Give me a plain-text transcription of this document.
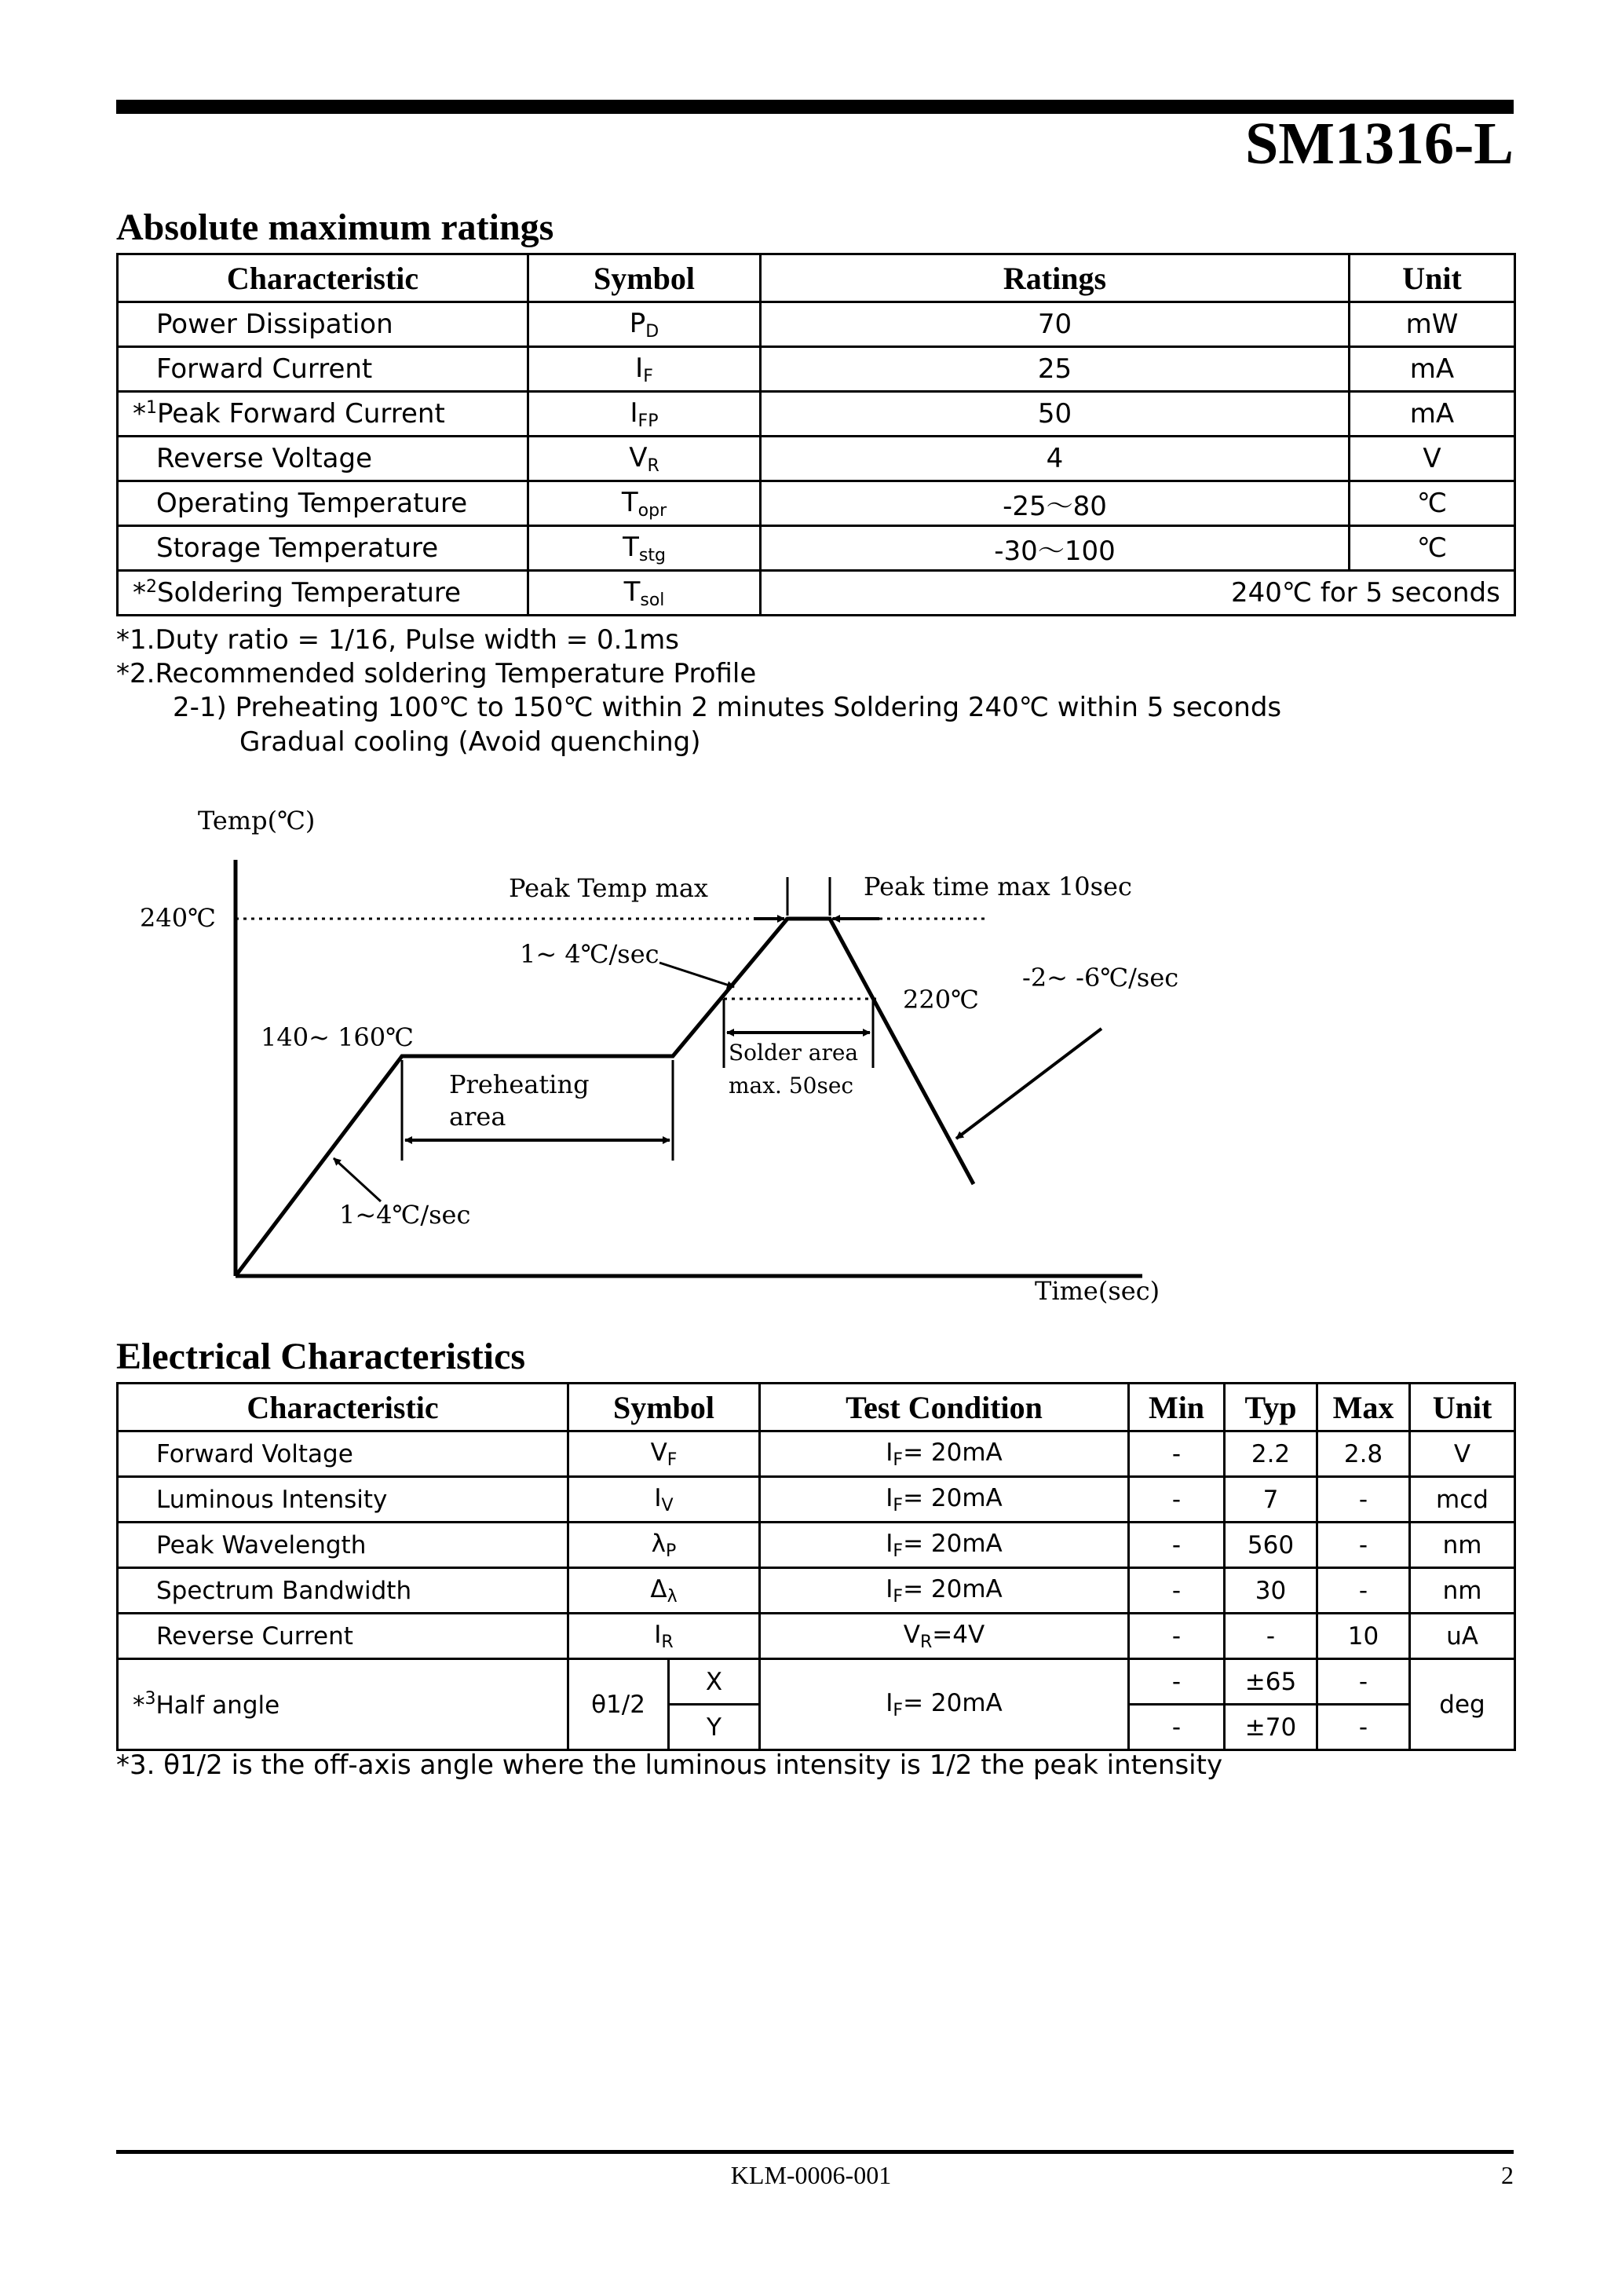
SM1316-L
Absolute maximum ratings
Characteristic	Symbol	Ratings	Unit
Power Dissipation	$P_D$	70	mW
Forward Current	$I_F$	25	mA
*$^1$Peak Forward Current	$I_{FP}$	50	mA
Reverse Voltage	$V_R$	4	V
Operating Temperature	$T_{opr}$	-25～80	℃
Storage Temperature	$T_{stg}$	-30～100	℃
*$^2$Soldering Temperature	$T_{sol}$	240℃ for 5 seconds	

*1.Duty ratio = 1/16, Pulse width = 0.1ms

*2.Recommended soldering Temperature Profile

2-1) Preheating 100℃ to 150℃ within 2 minutes Soldering 240℃ within 5 seconds

Gradual cooling (Avoid quenching)

Temp(℃)
Time(sec)
240℃
140~ 160℃
Preheating
area
220℃
Solder area
max. 50sec
Peak Temp max	Peak time max 10sec
1~ 4℃/sec
1~4℃/sec
-2~ -6℃/sec
Electrical Characteristics
Characteristic	Symbol		Test Condition	Min	Typ	Max	Unit
Forward Voltage	$V_F$		$I_F= 20mA$	-	2.2	2.8	V
Luminous Intensity	$I_V$		$I_F= 20mA$	-	7	-	mcd
Peak Wavelength	$\lambda_P$		$I_F= 20mA$	-	560	-	nm
Spectrum Bandwidth	$\Delta_\lambda$		$I_F= 20mA$	-	30	-	nm
Reverse Current	$I_R$		$V_R=4V$	-	-	10	uA
*$^3$Half angle	θ1/2	X	$I_F= 20mA$	-	±65	-	deg
		Y		-	±70	-	

*3. θ1/2 is the off-axis angle where the luminous intensity is 1/2 the peak intensity

KLM-0006-001	2
